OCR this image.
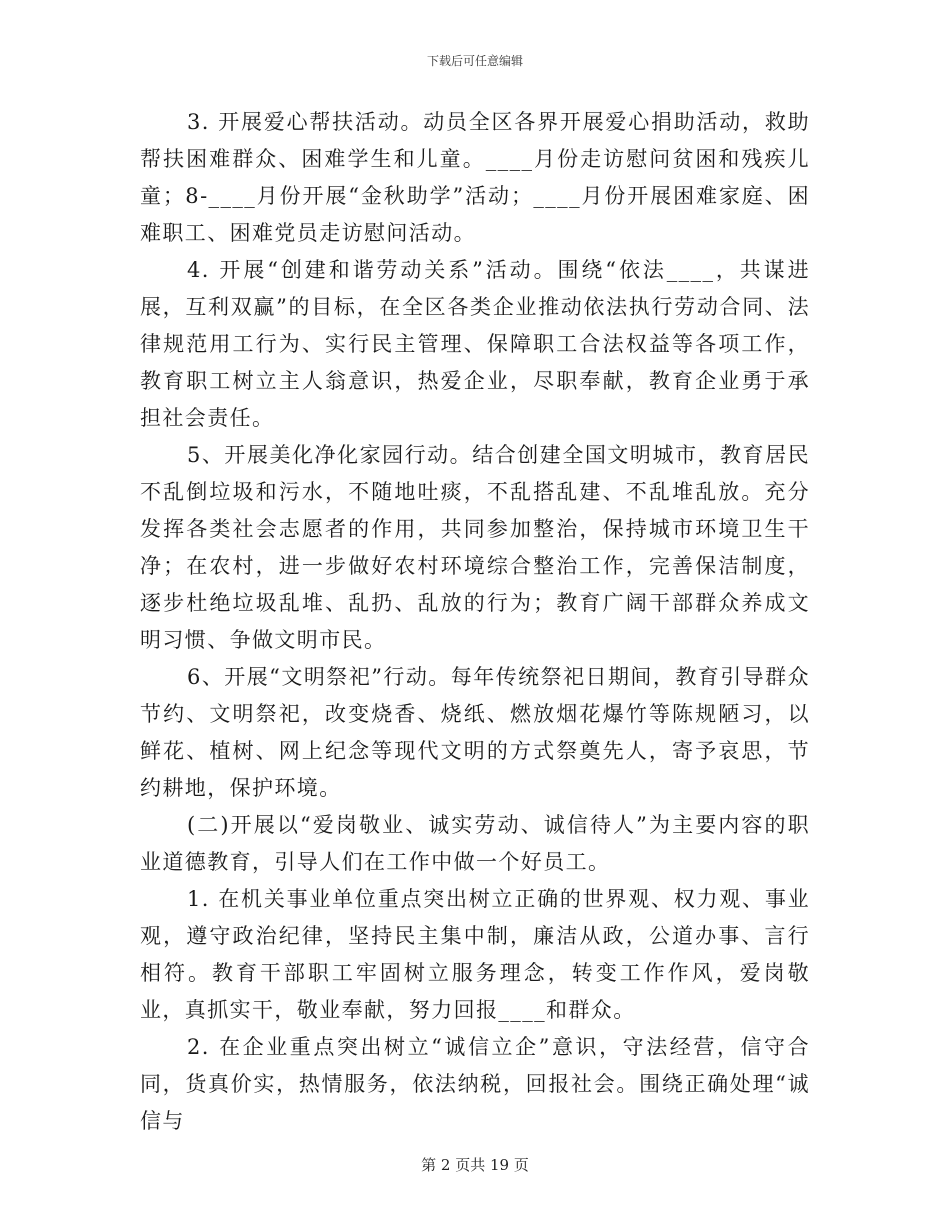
下载后可任意编辑

3. 开展爱心帮扶活动。动员全区各界开展爱心捐助活动，救助帮扶困难群众、困难学生和儿童。____月份走访慰问贫困和残疾儿童；8-____月份开展“金秋助学”活动；____月份开展困难家庭、困难职工、困难党员走访慰问活动。

4. 开展“创建和谐劳动关系”活动。围绕“依法____，共谋进展，互利双赢”的目标，在全区各类企业推动依法执行劳动合同、法律规范用工行为、实行民主管理、保障职工合法权益等各项工作，教育职工树立主人翁意识，热爱企业，尽职奉献，教育企业勇于承担社会责任。

5、开展美化净化家园行动。结合创建全国文明城市，教育居民不乱倒垃圾和污水，不随地吐痰，不乱搭乱建、不乱堆乱放。充分发挥各类社会志愿者的作用，共同参加整治，保持城市环境卫生干净；在农村，进一步做好农村环境综合整治工作，完善保洁制度，逐步杜绝垃圾乱堆、乱扔、乱放的行为；教育广阔干部群众养成文明习惯、争做文明市民。

6、开展“文明祭祀”行动。每年传统祭祀日期间，教育引导群众节约、文明祭祀，改变烧香、烧纸、燃放烟花爆竹等陈规陋习，以鲜花、植树、网上纪念等现代文明的方式祭奠先人，寄予哀思，节约耕地，保护环境。

(二)开展以“爱岗敬业、诚实劳动、诚信待人”为主要内容的职业道德教育，引导人们在工作中做一个好员工。

1. 在机关事业单位重点突出树立正确的世界观、权力观、事业观，遵守政治纪律，坚持民主集中制，廉洁从政，公道办事、言行相符。教育干部职工牢固树立服务理念，转变工作作风，爱岗敬业，真抓实干，敬业奉献，努力回报____和群众。

2. 在企业重点突出树立“诚信立企”意识，守法经营，信守合同，货真价实，热情服务，依法纳税，回报社会。围绕正确处理“诚信与

第 2 页共 19 页
